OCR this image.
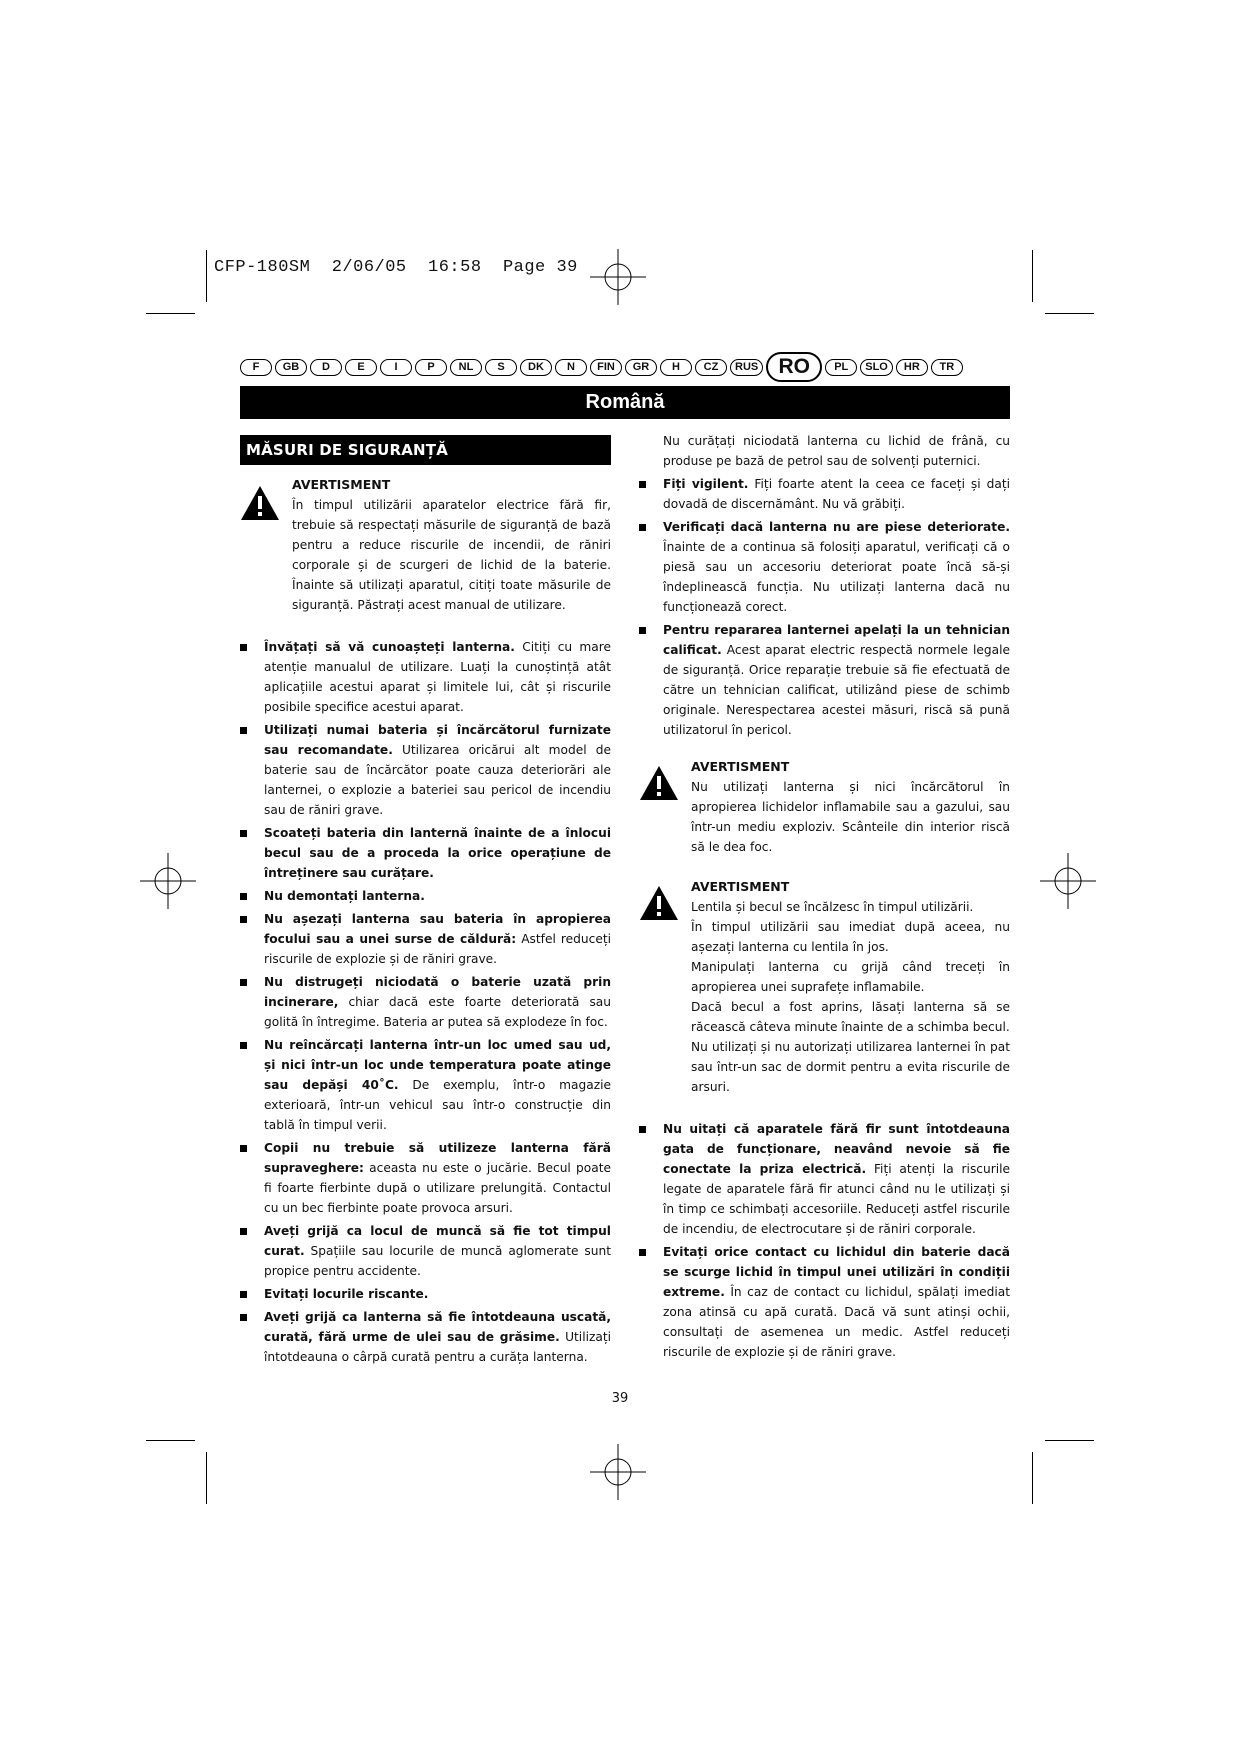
CFP-180SM  2/06/05  16:58  Page 39
F	GB	D	E	I	P	NL	S	DK	N	FIN	GR	H	CZ	RUS RO	PL	SLO	HR	TR
Română
MĂSURI DE SIGURANȚĂ
AVERTISMENT

În timpul utilizării aparatelor electrice fără fir, trebuie să respectați măsurile de siguranță de bază pentru a reduce riscurile de incendii, de răniri corporale și de scurgeri de lichid de la baterie. Înainte să utilizați aparatul, citiți toate măsurile de siguranță. Păstrați acest manual de utilizare.

Învățați să vă cunoașteți lanterna. Citiți cu mare atenție manualul de utilizare. Luați la cunoștință atât aplicațiile acestui aparat și limitele lui, cât și riscurile posibile specifice acestui aparat.
Utilizați numai bateria și încărcătorul furnizate sau recomandate. Utilizarea oricărui alt model de baterie sau de încărcător poate cauza deteriorări ale lanternei, o explozie a bateriei sau pericol de incendiu sau de răniri grave.
Scoateți bateria din lanternă înainte de a înlocui becul sau de a proceda la orice operațiune de întreținere sau curățare.
Nu demontați lanterna.
Nu așezați lanterna sau bateria în apropierea focului sau a unei surse de căldură: Astfel reduceți riscurile de explozie și de răniri grave.
Nu distrugeți niciodată o baterie uzată prin incinerare, chiar dacă este foarte deteriorată sau golită în întregime. Bateria ar putea să explodeze în foc.
Nu reîncărcați lanterna într-un loc umed sau ud, și nici într-un loc unde temperatura poate atinge sau depăși 40˚C. De exemplu, într-o magazie exterioară, într-un vehicul sau într-o construcție din tablă în timpul verii.
Copii nu trebuie să utilizeze lanterna fără supraveghere: aceasta nu este o jucărie. Becul poate fi foarte fierbinte după o utilizare prelungită. Contactul cu un bec fierbinte poate provoca arsuri.
Aveți grijă ca locul de muncă să fie tot timpul curat. Spațiile sau locurile de muncă aglomerate sunt propice pentru accidente.
Evitați locurile riscante.
Aveți grijă ca lanterna să fie întotdeauna uscată, curată, fără urme de ulei sau de grăsime. Utilizați întotdeauna o cârpă curată pentru a curăța lanterna.

Nu curățați niciodată lanterna cu lichid de frână, cu produse pe bază de petrol sau de solvenți puternici.

Fiți vigilent. Fiți foarte atent la ceea ce faceți și dați dovadă de discernământ. Nu vă grăbiți.
Verificați dacă lanterna nu are piese deteriorate. Înainte de a continua să folosiți aparatul, verificați că o piesă sau un accesoriu deteriorat poate încă să-și îndeplinească funcția. Nu utilizați lanterna dacă nu funcționează corect.
Pentru repararea lanternei apelați la un tehnician calificat. Acest aparat electric respectă normele legale de siguranță. Orice reparație trebuie să fie efectuată de către un tehnician calificat, utilizând piese de schimb originale. Nerespectarea acestei măsuri, riscă să pună utilizatorul în pericol.
AVERTISMENT

Nu utilizați lanterna și nici încărcătorul în apropierea lichidelor inflamabile sau a gazului, sau într-un mediu exploziv. Scânteile din interior riscă să le dea foc.

AVERTISMENT

Lentila și becul se încălzesc în timpul utilizării.

În timpul utilizării sau imediat după aceea, nu așezați lanterna cu lentila în jos.

Manipulați lanterna cu grijă când treceți în apropierea unei suprafețe inflamabile.

Dacă becul a fost aprins, lăsați lanterna să se răcească câteva minute înainte de a schimba becul.

Nu utilizați și nu autorizați utilizarea lanternei în pat sau într-un sac de dormit pentru a evita riscurile de arsuri.

Nu uitați că aparatele fără fir sunt întotdeauna gata de funcționare, neavând nevoie să fie conectate la priza electrică. Fiți atenți la riscurile legate de aparatele fără fir atunci când nu le utilizați și în timp ce schimbați accesoriile. Reduceți astfel riscurile de incendiu, de electrocutare și de răniri corporale.
Evitați orice contact cu lichidul din baterie dacă se scurge lichid în timpul unei utilizări în condiții extreme. În caz de contact cu lichidul, spălați imediat zona atinsă cu apă curată. Dacă vă sunt atinși ochii, consultați de asemenea un medic. Astfel reduceți riscurile de explozie și de răniri grave.
39
